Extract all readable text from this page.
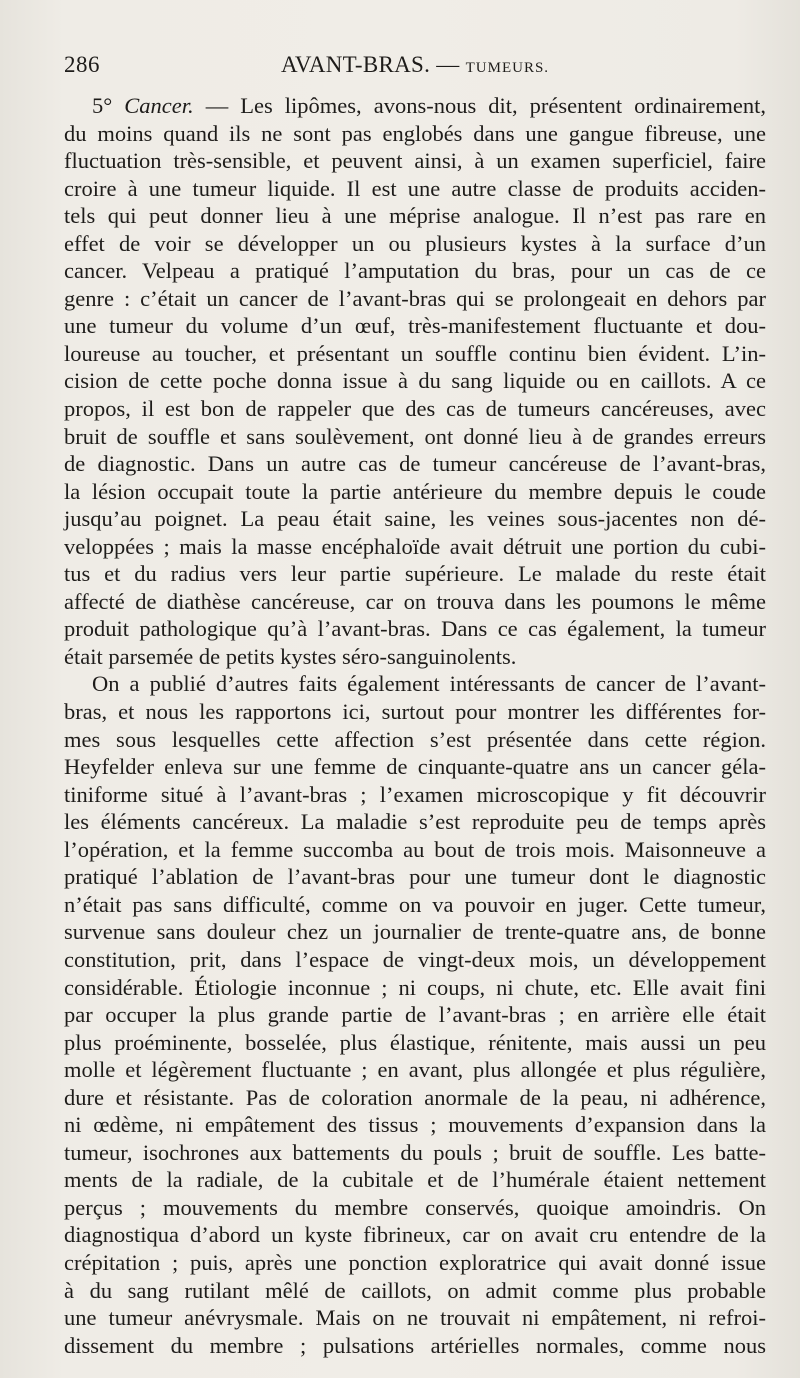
286	AVANT-BRAS. — TUMEURS.
5° Cancer. — Les lipômes, avons-nous dit, présentent ordinairement,
du moins quand ils ne sont pas englobés dans une gangue fibreuse, une
fluctuation très-sensible, et peuvent ainsi, à un examen superficiel, faire
croire à une tumeur liquide. Il est une autre classe de produits acciden-
tels qui peut donner lieu à une méprise analogue. Il n’est pas rare en
effet de voir se développer un ou plusieurs kystes à la surface d’un
cancer. Velpeau a pratiqué l’amputation du bras, pour un cas de ce
genre : c’était un cancer de l’avant-bras qui se prolongeait en dehors par
une tumeur du volume d’un œuf, très-manifestement fluctuante et dou-
loureuse au toucher, et présentant un souffle continu bien évident. L’in-
cision de cette poche donna issue à du sang liquide ou en caillots. A ce
propos, il est bon de rappeler que des cas de tumeurs cancéreuses, avec
bruit de souffle et sans soulèvement, ont donné lieu à de grandes erreurs
de diagnostic. Dans un autre cas de tumeur cancéreuse de l’avant-bras,
la lésion occupait toute la partie antérieure du membre depuis le coude
jusqu’au poignet. La peau était saine, les veines sous-jacentes non dé-
veloppées ; mais la masse encéphaloïde avait détruit une portion du cubi-
tus et du radius vers leur partie supérieure. Le malade du reste était
affecté de diathèse cancéreuse, car on trouva dans les poumons le même
produit pathologique qu’à l’avant-bras. Dans ce cas également, la tumeur
était parsemée de petits kystes séro-sanguinolents.
On a publié d’autres faits également intéressants de cancer de l’avant-
bras, et nous les rapportons ici, surtout pour montrer les différentes for-
mes sous lesquelles cette affection s’est présentée dans cette région.
Heyfelder enleva sur une femme de cinquante-quatre ans un cancer géla-
tiniforme situé à l’avant-bras ; l’examen microscopique y fit découvrir
les éléments cancéreux. La maladie s’est reproduite peu de temps après
l’opération, et la femme succomba au bout de trois mois. Maisonneuve a
pratiqué l’ablation de l’avant-bras pour une tumeur dont le diagnostic
n’était pas sans difficulté, comme on va pouvoir en juger. Cette tumeur,
survenue sans douleur chez un journalier de trente-quatre ans, de bonne
constitution, prit, dans l’espace de vingt-deux mois, un développement
considérable. Étiologie inconnue ; ni coups, ni chute, etc. Elle avait fini
par occuper la plus grande partie de l’avant-bras ; en arrière elle était
plus proéminente, bosselée, plus élastique, rénitente, mais aussi un peu
molle et légèrement fluctuante ; en avant, plus allongée et plus régulière,
dure et résistante. Pas de coloration anormale de la peau, ni adhérence,
ni œdème, ni empâtement des tissus ; mouvements d’expansion dans la
tumeur, isochrones aux battements du pouls ; bruit de souffle. Les batte-
ments de la radiale, de la cubitale et de l’humérale étaient nettement
perçus ; mouvements du membre conservés, quoique amoindris. On
diagnostiqua d’abord un kyste fibrineux, car on avait cru entendre de la
crépitation ; puis, après une ponction exploratrice qui avait donné issue
à du sang rutilant mêlé de caillots, on admit comme plus probable
une tumeur anévrysmale. Mais on ne trouvait ni empâtement, ni refroi-
dissement du membre ; pulsations artérielles normales, comme nous
